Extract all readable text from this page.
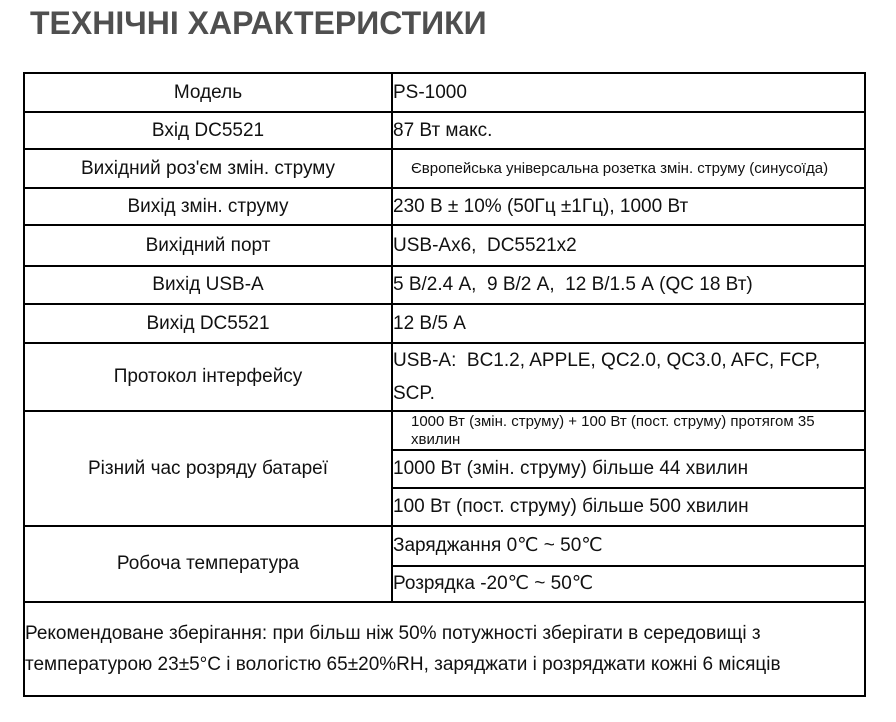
ТЕХНІЧНІ ХАРАКТЕРИСТИКИ
Модель	PS-1000
Вхід DC5521	87 Вт макс.
Вихідний роз'єм змін. струму	Європейська універсальна розетка змін. струму (синусоїда)
Вихід змін. струму	230 В ± 10% (50Гц ±1Гц), 1000 Вт
Вихідний порт	USB-Ax6,  DC5521x2
Вихід USB-A	5 В/2.4 А,  9 В/2 А,  12 В/1.5 А (QC 18 Вт)
Вихід DC5521	12 В/5 А
Протокол інтерфейсу	USB-A:  BC1.2, APPLE, QC2.0, QC3.0, AFC, FCP, SCP.
Різний час розряду батареї	1000 Вт (змін. струму) + 100 Вт (пост. струму) протягом 35 хвилин
	1000 Вт (змін. струму) більше 44 хвилин
	100 Вт (пост. струму) більше 500 хвилин
Робоча температура	Заряджання 0℃ ~ 50℃
	Розрядка -20℃ ~ 50℃
Рекомендоване зберігання: при більш ніж 50% потужності зберігати в середовищі з  температурою 23±5°C і вологістю 65±20%RH, заряджати і розряджати кожні 6 місяців	
